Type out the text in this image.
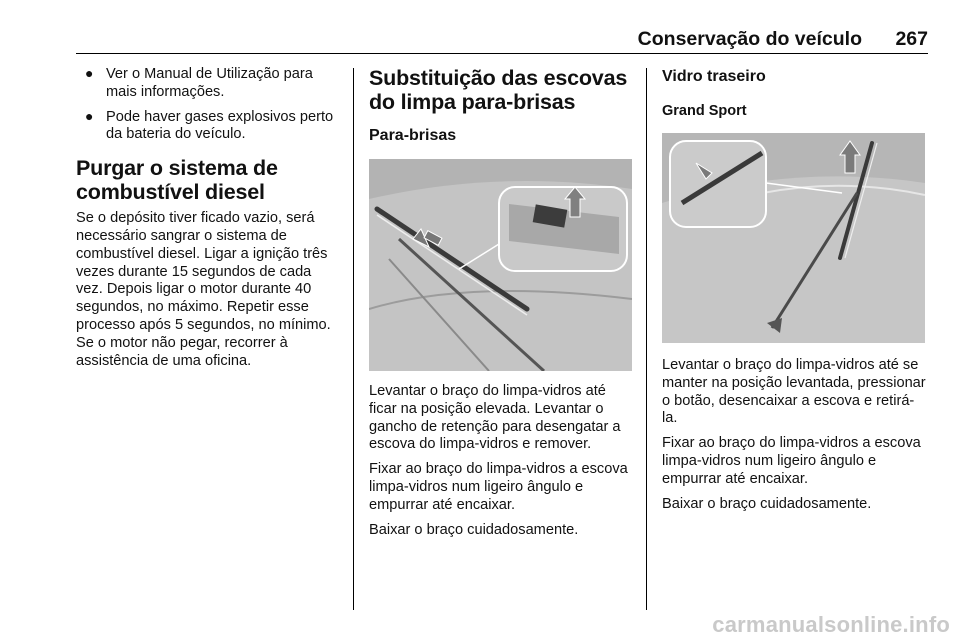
Conservação do veículo	267
● Ver o Manual de Utilização para mais informações.
● Pode haver gases explosivos perto da bateria do veículo.
Purgar o sistema de combustível diesel

Se o depósito tiver ficado vazio, será necessário sangrar o sistema de combustível diesel. Ligar a ignição três vezes durante 15 segundos de cada vez. Depois ligar o motor durante 40 segundos, no máximo. Repetir esse processo após 5 segundos, no mínimo. Se o motor não pegar, recorrer à assistência de uma oficina.

Substituição das escovas do limpa para-brisas
Para-brisas

Levantar o braço do limpa-vidros até ficar na posição elevada. Levantar o gancho de retenção para desengatar a escova do limpa-vidros e remover.

Fixar ao braço do limpa-vidros a escova limpa-vidros num ligeiro ângulo e empurrar até encaixar.

Baixar o braço cuidadosamente.

Vidro traseiro
Grand Sport

Levantar o braço do limpa-vidros até se manter na posição levantada, pressionar o botão, desencaixar a escova e retirá-la.

Fixar ao braço do limpa-vidros a escova limpa-vidros num ligeiro ângulo e empurrar até encaixar.

Baixar o braço cuidadosamente.

carmanualsonline.info
